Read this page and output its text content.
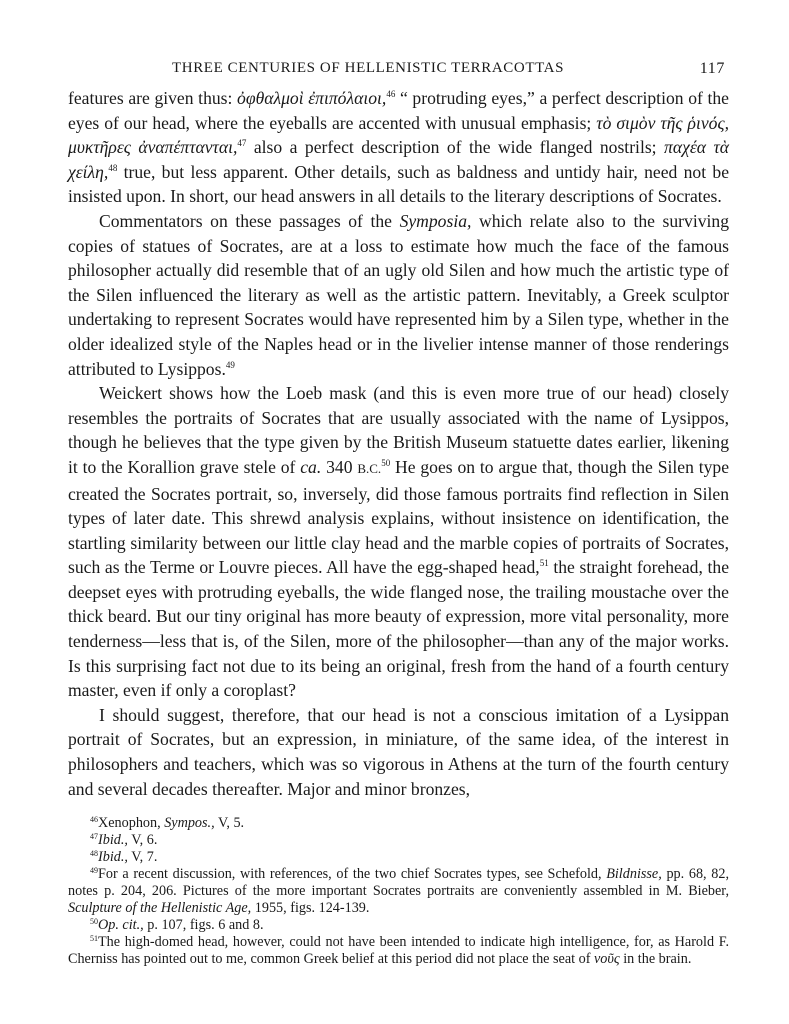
THREE CENTURIES OF HELLENISTIC TERRACOTTAS	117

features are given thus: ὀφθαλμοὶ ἐπιπόλαιοι,$^{46}$ “ protruding eyes,” a perfect description of the eyes of our head, where the eyeballs are accented with unusual emphasis; τὸ σιμὸν τῆς ῥινός, μυκτῆρες ἀναπέπτανται,$^{47}$ also a perfect description of the wide flanged nostrils; παχέα τὰ χείλη,$^{48}$ true, but less apparent. Other details, such as baldness and untidy hair, need not be insisted upon. In short, our head answers in all details to the literary descriptions of Socrates.

Commentators on these passages of the Symposia, which relate also to the surviving copies of statues of Socrates, are at a loss to estimate how much the face of the famous philosopher actually did resemble that of an ugly old Silen and how much the artistic type of the Silen influenced the literary as well as the artistic pattern. Inevitably, a Greek sculptor undertaking to represent Socrates would have represented him by a Silen type, whether in the older idealized style of the Naples head or in the livelier intense manner of those renderings attributed to Lysippos.$^{49}$

Weickert shows how the Loeb mask (and this is even more true of our head) closely resembles the portraits of Socrates that are usually associated with the name of Lysippos, though he believes that the type given by the British Museum statuette dates earlier, likening it to the Korallion grave stele of ca. 340 B.C.$^{50}$ He goes on to argue that, though the Silen type created the Socrates portrait, so, inversely, did those famous portraits find reflection in Silen types of later date. This shrewd analysis explains, without insistence on identification, the startling similarity between our little clay head and the marble copies of portraits of Socrates, such as the Terme or Louvre pieces. All have the egg-shaped head,$^{51}$ the straight forehead, the deepset eyes with protruding eyeballs, the wide flanged nose, the trailing moustache over the thick beard. But our tiny original has more beauty of expression, more vital personality, more tenderness—less that is, of the Silen, more of the philosopher—than any of the major works. Is this surprising fact not due to its being an original, fresh from the hand of a fourth century master, even if only a coroplast?

I should suggest, therefore, that our head is not a conscious imitation of a Lysippan portrait of Socrates, but an expression, in miniature, of the same idea, of the interest in philosophers and teachers, which was so vigorous in Athens at the turn of the fourth century and several decades thereafter. Major and minor bronzes,

$^{46}$Xenophon, Sympos., V, 5.

$^{47}$Ibid., V, 6.

$^{48}$Ibid., V, 7.

$^{49}$For a recent discussion, with references, of the two chief Socrates types, see Schefold, Bildnisse, pp. 68, 82, notes p. 204, 206. Pictures of the more important Socrates portraits are conveniently assembled in M. Bieber, Sculpture of the Hellenistic Age, 1955, figs. 124-139.

$^{50}$Op. cit., p. 107, figs. 6 and 8.

$^{51}$The high-domed head, however, could not have been intended to indicate high intelligence, for, as Harold F. Cherniss has pointed out to me, common Greek belief at this period did not place the seat of νοῦς in the brain.
